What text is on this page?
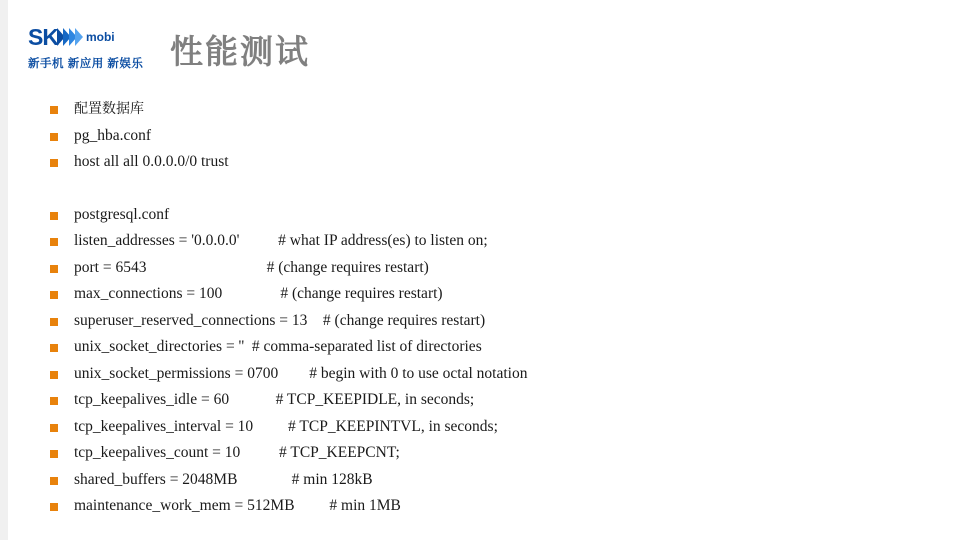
SK mobi
新手机 新应用 新娱乐 性能测试
配置数据库
pg_hba.conf
host all all 0.0.0.0/0 trust
postgresql.conf
listen_addresses = '0.0.0.0'          # what IP address(es) to listen on;
port = 6543                               # (change requires restart)
max_connections = 100               # (change requires restart)
superuser_reserved_connections = 13    # (change requires restart)
unix_socket_directories = ''  # comma-separated list of directories
unix_socket_permissions = 0700        # begin with 0 to use octal notation
tcp_keepalives_idle = 60            # TCP_KEEPIDLE, in seconds;
tcp_keepalives_interval = 10         # TCP_KEEPINTVL, in seconds;
tcp_keepalives_count = 10          # TCP_KEEPCNT;
shared_buffers = 2048MB              # min 128kB
maintenance_work_mem = 512MB         # min 1MB
